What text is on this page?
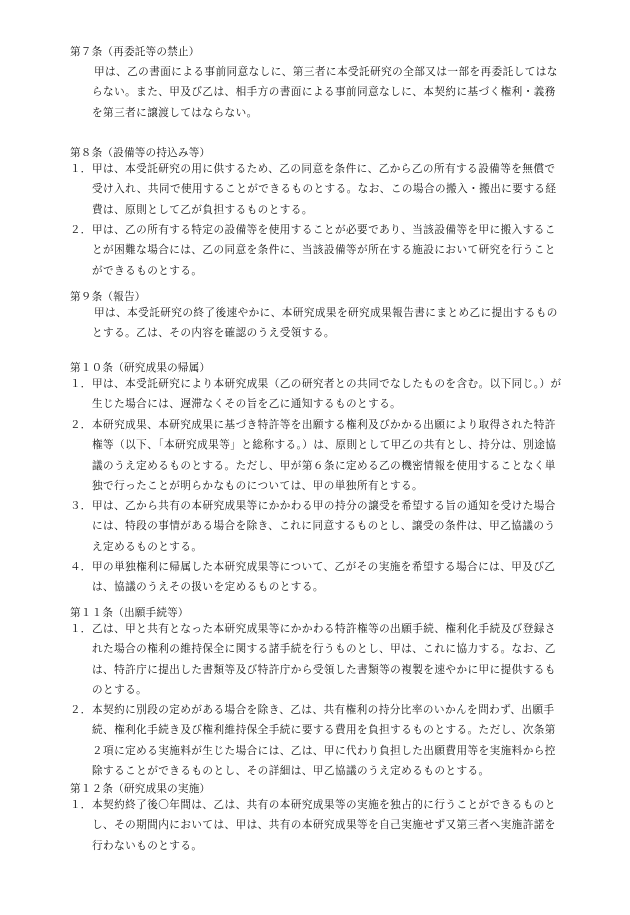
第７条（再委託等の禁止）
甲は、乙の書面による事前同意なしに、第三者に本受託研究の全部又は一部を再委託してはならない。また、甲及び乙は、相手方の書面による事前同意なしに、本契約に基づく権利・義務を第三者に譲渡してはならない。
第８条（設備等の持込み等）
１． 甲は、本受託研究の用に供するため、乙の同意を条件に、乙から乙の所有する設備等を無償で受け入れ、共同で使用することができるものとする。なお、この場合の搬入・搬出に要する経費は、原則として乙が負担するものとする。
２． 甲は、乙の所有する特定の設備等を使用することが必要であり、当該設備等を甲に搬入することが困難な場合には、乙の同意を条件に、当該設備等が所在する施設において研究を行うことができるものとする。
第９条（報告）
甲は、本受託研究の終了後速やかに、本研究成果を研究成果報告書にまとめ乙に提出するものとする。乙は、その内容を確認のうえ受領する。
第１０条（研究成果の帰属）
１． 甲は、本受託研究により本研究成果（乙の研究者との共同でなしたものを含む。以下同じ。）が生じた場合には、遅滞なくその旨を乙に通知するものとする。
２． 本研究成果、本研究成果に基づき特許等を出願する権利及びかかる出願により取得された特許権等（以下、「本研究成果等」と総称する。）は、原則として甲乙の共有とし、持分は、別途協議のうえ定めるものとする。ただし、甲が第６条に定める乙の機密情報を使用することなく単独で行ったことが明らかなものについては、甲の単独所有とする。
３． 甲は、乙から共有の本研究成果等にかかわる甲の持分の譲受を希望する旨の通知を受けた場合には、特段の事情がある場合を除き、これに同意するものとし、譲受の条件は、甲乙協議のうえ定めるものとする。
４． 甲の単独権利に帰属した本研究成果等について、乙がその実施を希望する場合には、甲及び乙は、協議のうえその扱いを定めるものとする。
第１１条（出願手続等）
１． 乙は、甲と共有となった本研究成果等にかかわる特許権等の出願手続、権利化手続及び登録された場合の権利の維持保全に関する諸手続を行うものとし、甲は、これに協力する。なお、乙は、特許庁に提出した書類等及び特許庁から受領した書類等の複製を速やかに甲に提供するものとする。
２． 本契約に別段の定めがある場合を除き、乙は、共有権利の持分比率のいかんを問わず、出願手続、権利化手続き及び権利維持保全手続に要する費用を負担するものとする。ただし、次条第２項に定める実施料が生じた場合には、乙は、甲に代わり負担した出願費用等を実施料から控除することができるものとし、その詳細は、甲乙協議のうえ定めるものとする。
第１２条（研究成果の実施）
１． 本契約終了後〇年間は、乙は、共有の本研究成果等の実施を独占的に行うことができるものとし、その期間内においては、甲は、共有の本研究成果等を自己実施せず又第三者へ実施許諾を行わないものとする。
